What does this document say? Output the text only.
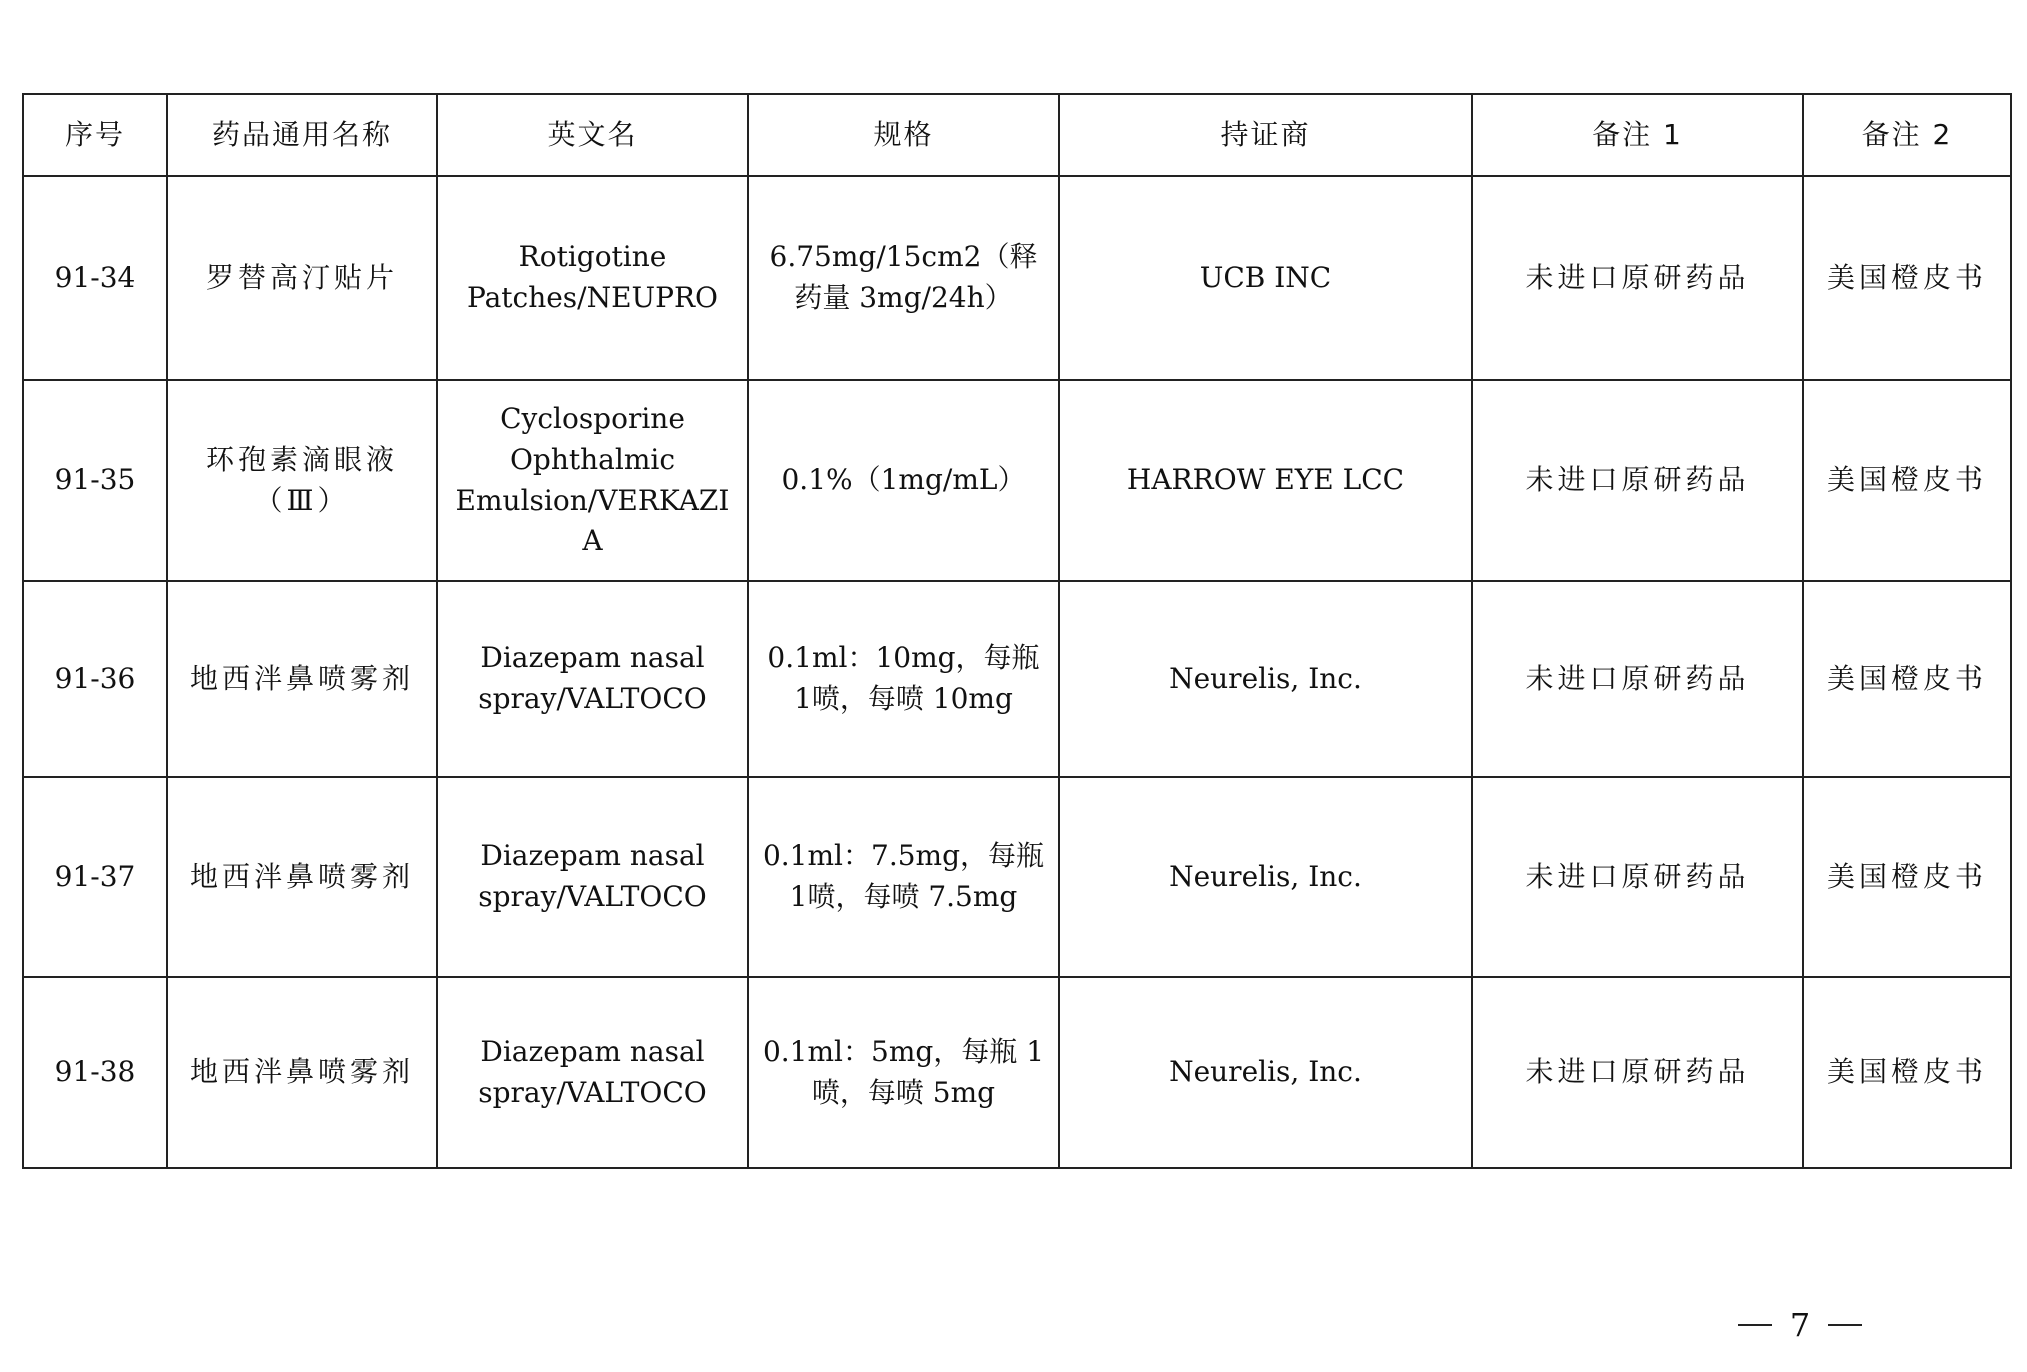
序号	药品通用名称	英文名	规格	持证商	备注 1	备注 2
91-34	罗替高汀贴片	Rotigotine Patches/NEUPRO	6.75mg/15cm2（释药量 3mg/24h）	UCB INC	未进口原研药品	美国橙皮书
91-35	环孢素滴眼液（Ⅲ）	Cyclosporine Ophthalmic Emulsion/VERKAZIA	0.1%（1mg/mL）	HARROW EYE LCC	未进口原研药品	美国橙皮书
91-36	地西泮鼻喷雾剂	Diazepam nasal spray/VALTOCO	0.1ml：10mg，每瓶1喷，每喷 10mg	Neurelis, Inc.	未进口原研药品	美国橙皮书
91-37	地西泮鼻喷雾剂	Diazepam nasal spray/VALTOCO	0.1ml：7.5mg，每瓶1喷，每喷 7.5mg	Neurelis, Inc.	未进口原研药品	美国橙皮书
91-38	地西泮鼻喷雾剂	Diazepam nasal spray/VALTOCO	0.1ml：5mg，每瓶 1 喷，每喷 5mg	Neurelis, Inc.	未进口原研药品	美国橙皮书
7
